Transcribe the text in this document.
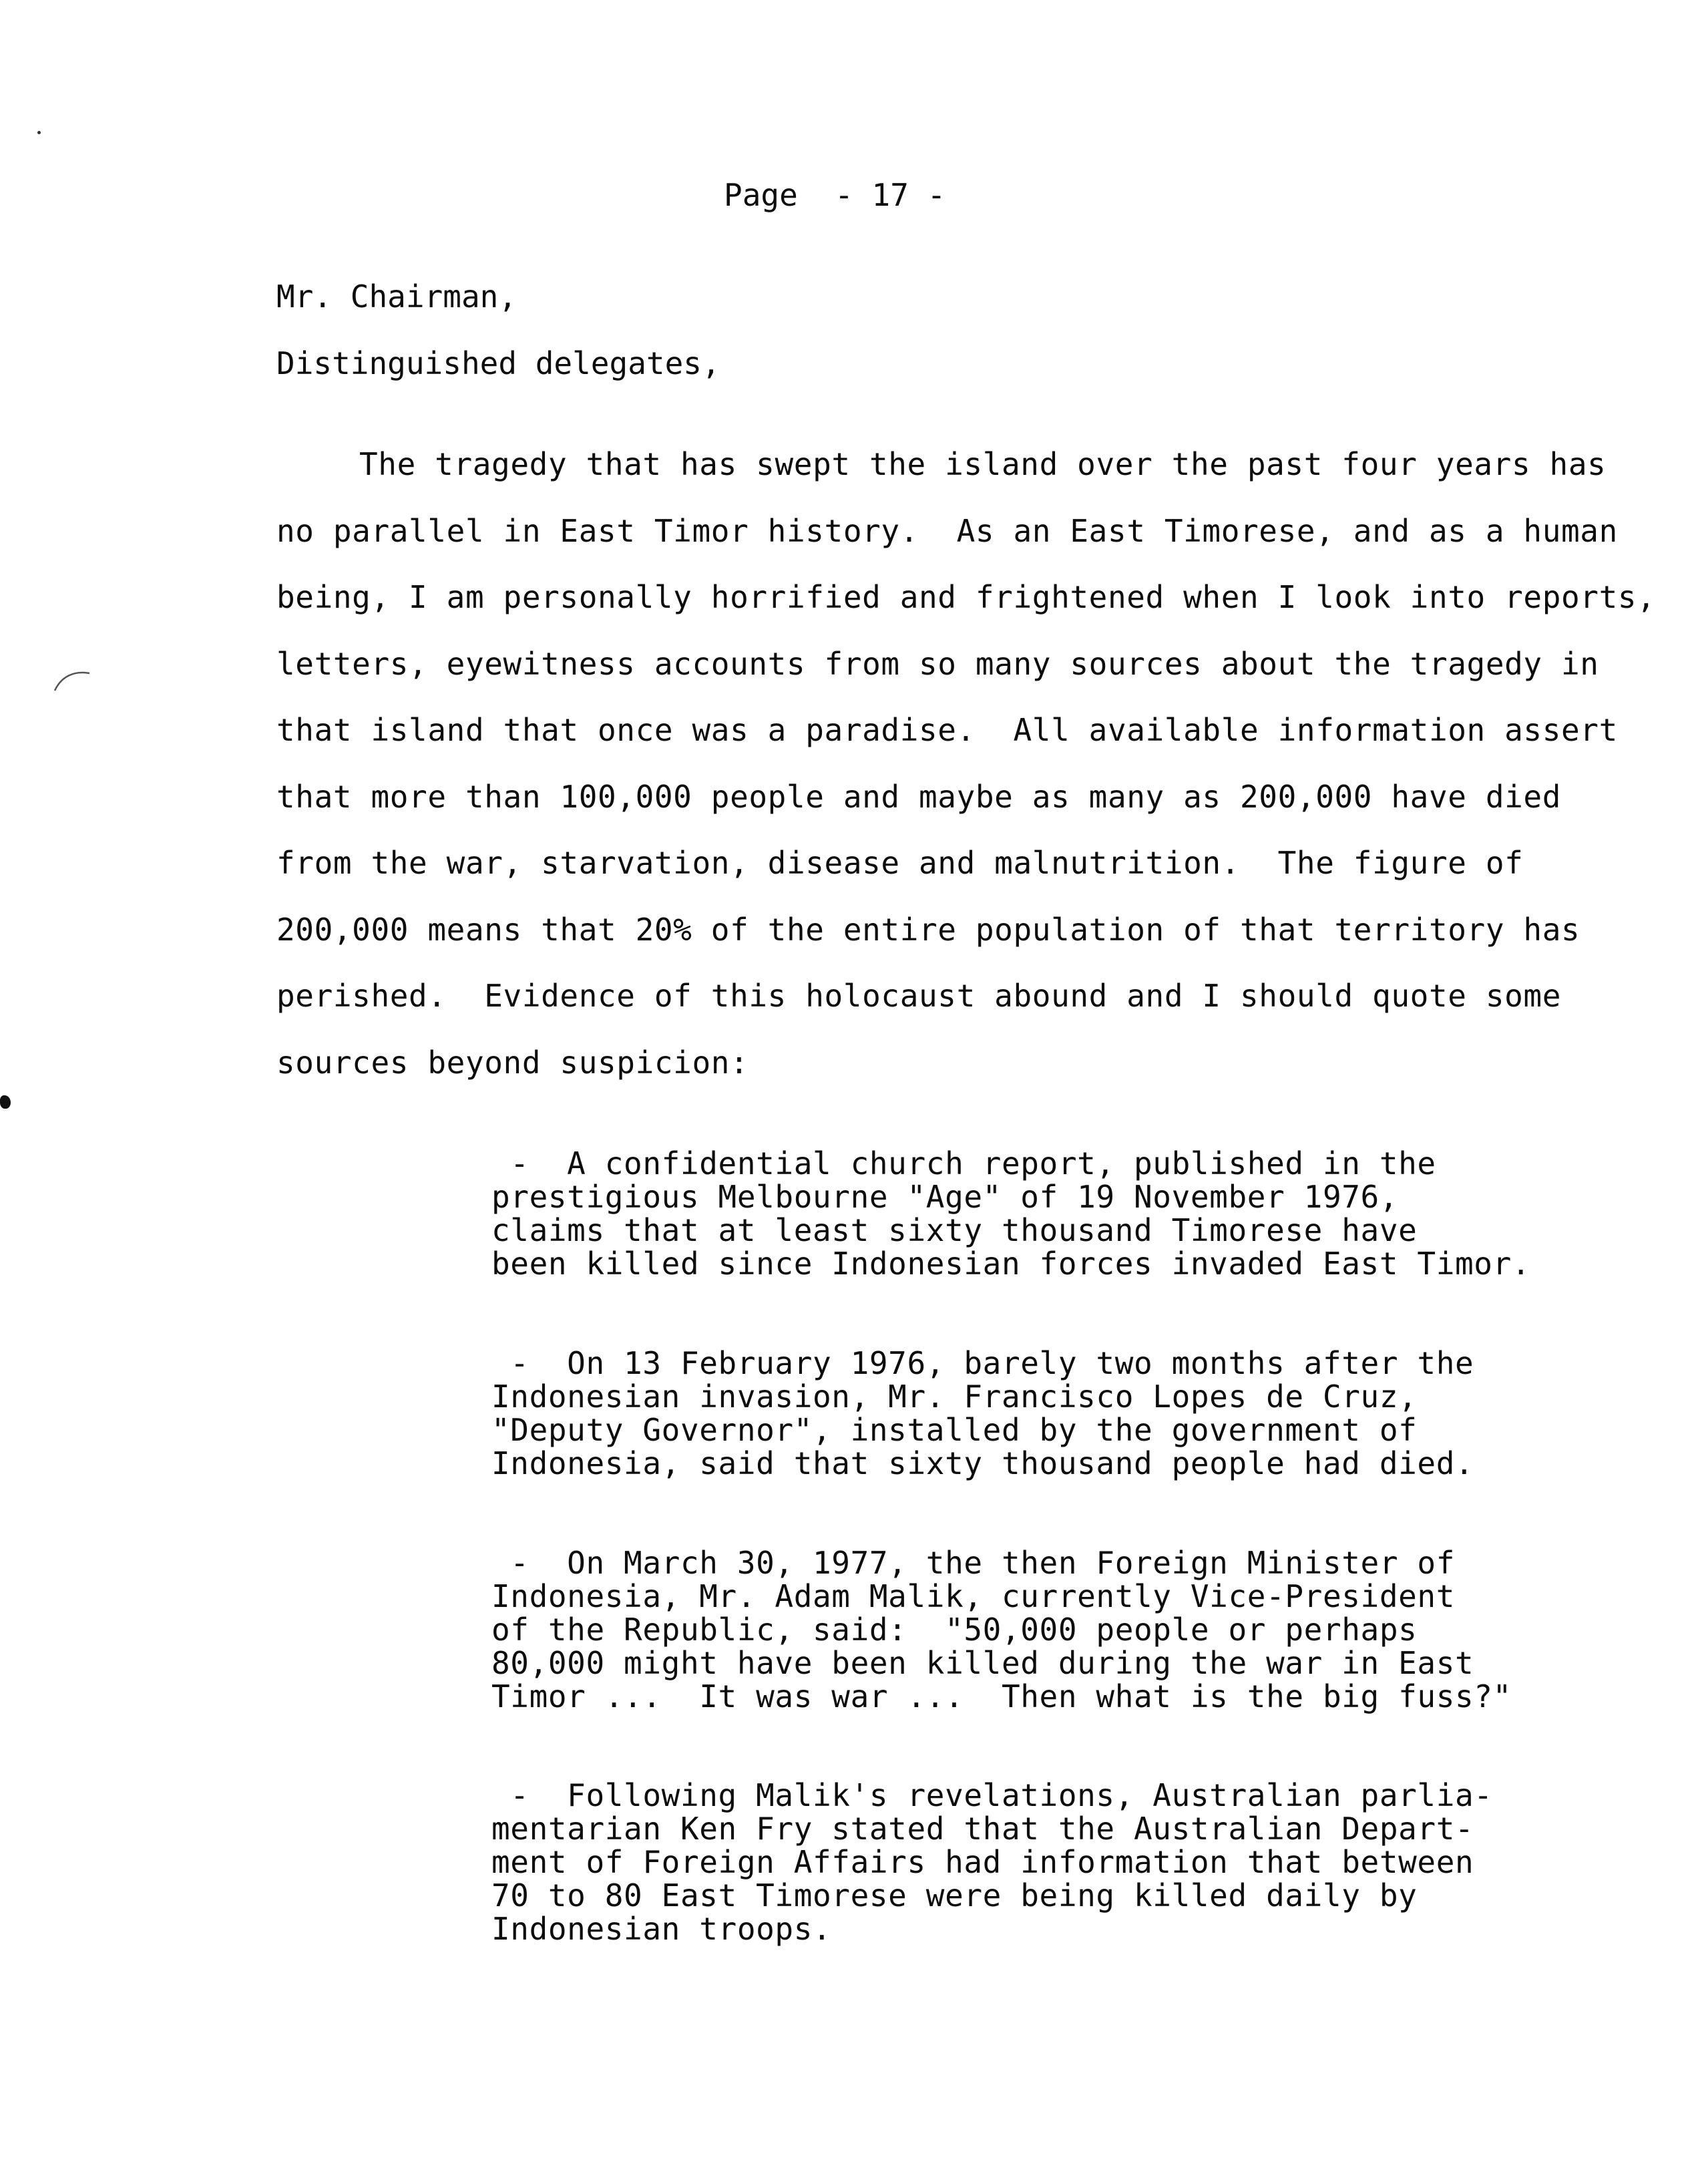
Page  - 17 -
Mr. Chairman,
Distinguished delegates,
The tragedy that has swept the island over the past four years has
no parallel in East Timor history.  As an East Timorese, and as a human
being, I am personally horrified and frightened when I look into reports,
letters, eyewitness accounts from so many sources about the tragedy in
that island that once was a paradise.  All available information assert
that more than 100,000 people and maybe as many as 200,000 have died
from the war, starvation, disease and malnutrition.  The figure of
200,000 means that 20% of the entire population of that territory has
perished.  Evidence of this holocaust abound and I should quote some
sources beyond suspicion:
-  A confidential church report, published in the
prestigious Melbourne "Age" of 19 November 1976,
claims that at least sixty thousand Timorese have
been killed since Indonesian forces invaded East Timor.
-  On 13 February 1976, barely two months after the
Indonesian invasion, Mr. Francisco Lopes de Cruz,
"Deputy Governor", installed by the government of
Indonesia, said that sixty thousand people had died.
-  On March 30, 1977, the then Foreign Minister of
Indonesia, Mr. Adam Malik, currently Vice-President
of the Republic, said:  "50,000 people or perhaps
80,000 might have been killed during the war in East
Timor ...  It was war ...  Then what is the big fuss?"
-  Following Malik's revelations, Australian parlia-
mentarian Ken Fry stated that the Australian Depart-
ment of Foreign Affairs had information that between
70 to 80 East Timorese were being killed daily by
Indonesian troops.
